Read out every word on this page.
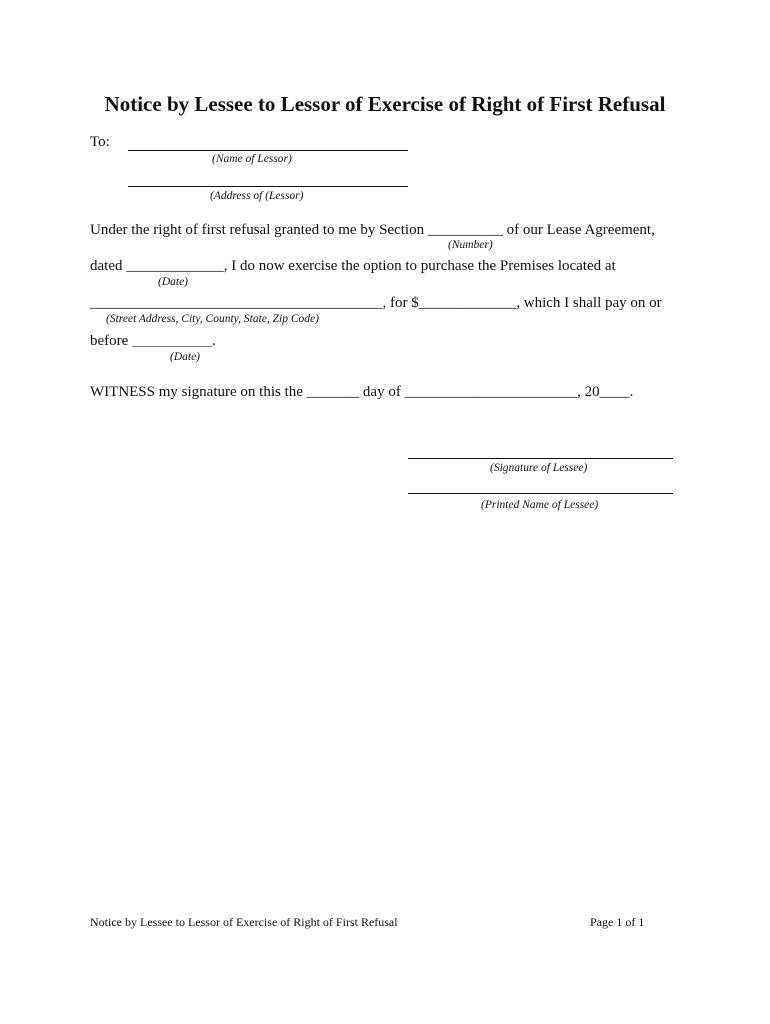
Notice by Lessee to Lessor of Exercise of Right of First Refusal
To:
(Name of Lessor)
(Address of (Lessor)
Under the right of first refusal granted to me by Section __________ of our Lease Agreement,
(Number)
dated _____________, I do now exercise the option to purchase the Premises located at
(Date)
_______________________________________, for $_____________, which I shall pay on or
(Street Address, City, County, State, Zip Code)
before ________________.
(Date)
WITNESS my signature on this the _______ day of _______________________, 20____.
(Signature of Lessee)
(Printed Name of Lessee)
Notice by Lessee to Lessor of Exercise of Right of First Refusal	Page 1 of 1
